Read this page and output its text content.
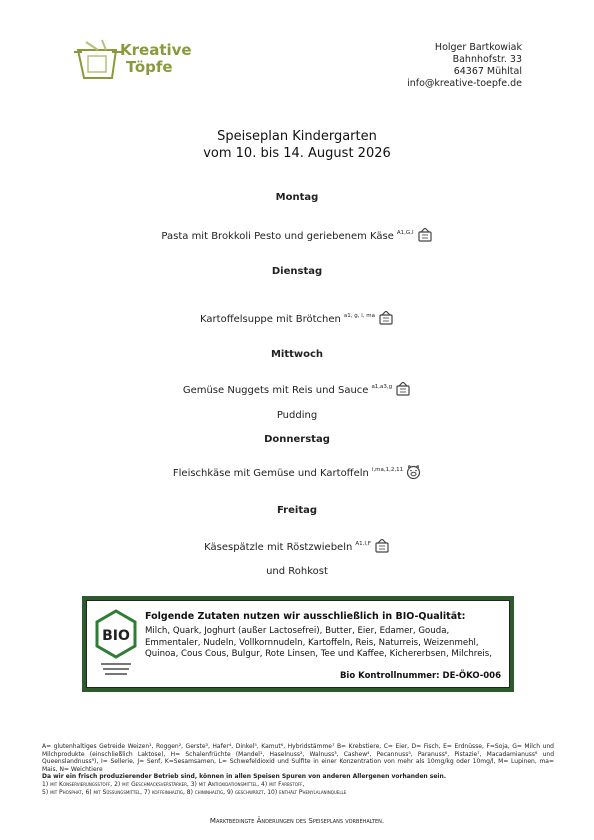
Kreative
Töpfe
Holger Bartkowiak
Bahnhofstr. 33
64367 Mühltal
info@kreative-toepfe.de
Speiseplan Kindergarten
vom 10. bis 14. August 2026
Montag
Pasta mit Brokkoli Pesto und geriebenem Käse $^{A1,G,I}$
Dienstag
Kartoffelsuppe mit Brötchen $^{a1, g, i, ma}$
Mittwoch
Gemüse Nuggets mit Reis und Sauce $^{a1,a3,g}$
Pudding
Donnerstag
Fleischkäse mit Gemüse und Kartoffeln $^{i,ma,1,2,11}$
Freitag
Käsespätzle mit Röstzwiebeln $^{A1,I,F}$
und Rohkost
BIO
Folgende Zutaten nutzen wir ausschließlich in BIO-Qualität:
Milch, Quark, Joghurt (außer Lactosefrei), Butter, Eier, Edamer, Gouda, Emmentaler, Nudeln, Vollkornnudeln, Kartoffeln, Reis, Naturreis, Weizenmehl, Quinoa, Cous Cous, Bulgur, Rote Linsen, Tee und Kaffee, Kichererbsen, Milchreis,
Bio Kontrollnummer: DE-ÖKO-006
A= glutenhaltiges Getreide Weizen¹, Roggen², Gerste³, Hafer⁴, Dinkel⁵, Kamut⁶, Hybridstämme⁷ B= Krebstiere, C= Eier, D= Fisch, E= Erdnüsse, F=Soja, G= Milch und Milchprodukte (einschließlich Laktose), H= Schalenfrüchte (Mandel¹, Haselnuss², Walnuss³, Cashew⁴, Pecannuss⁵, Paranuss⁶, Pistazie⁷, Macadamianuss⁸ und Queenslandnuss⁹), I= Sellerie, J= Senf, K=Sesamsamen, L= Schwefeldioxid und Sulfite in einer Konzentration von mehr als 10mg/kg oder 10mg/l, M= Lupinen, ma= Mais, N= Weichtiere
Da wir ein frisch produzierender Betrieb sind, können in allen Speisen Spuren von anderen Allergenen vorhanden sein.
1) mit Konservierungsstoff, 2) mit Geschmacksverstärker, 3) mit Antioxidationsmittel, 4) mit Farbstoff,
5) mit Phosphat, 6) mit Süßungsmittel, 7) koffeinhaltig, 8) chininhaltig, 9) geschwärzt, 10) enthält Phenylalaninquelle
Marktbedingte Änderungen des Speiseplans vorbehalten.
